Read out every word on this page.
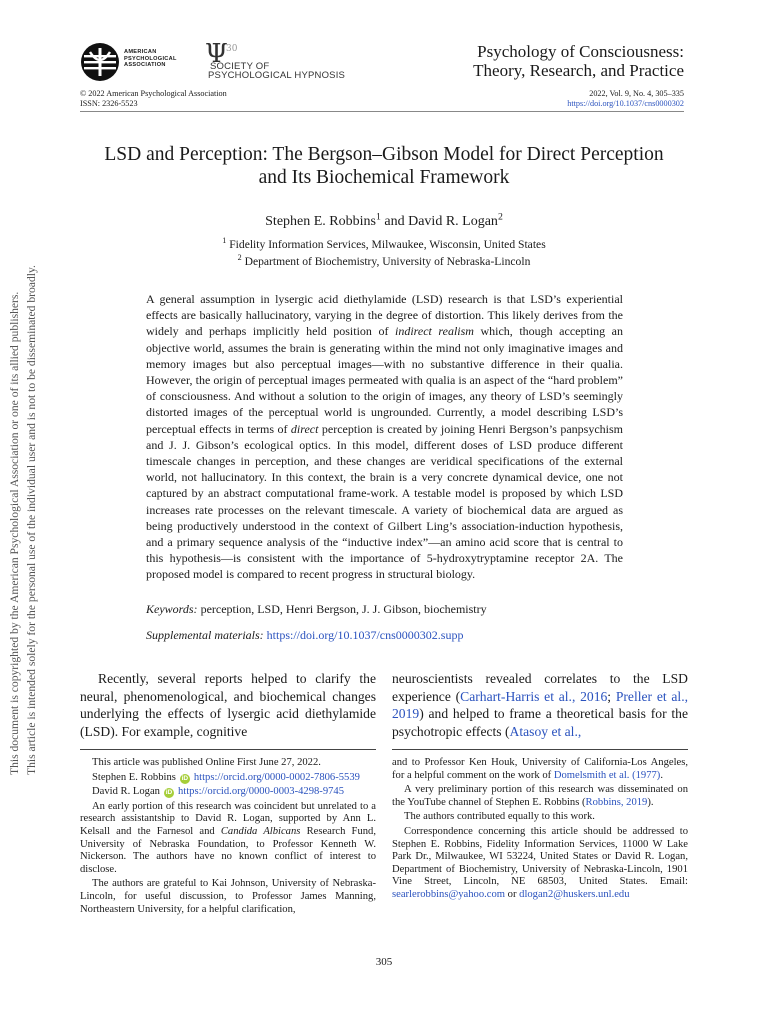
This document is copyrighted by the American Psychological Association or one of its allied publishers. This article is intended solely for the personal use of the individual user and is not to be disseminated broadly.
AMERICAN
PSYCHOLOGICAL
ASSOCIATION	Ψ
30
SOCIETY OF
PSYCHOLOGICAL HYPNOSIS
Psychology of Consciousness:
Theory, Research, and Practice
© 2022 American Psychological Association
ISSN: 2326-5523
2022, Vol. 9, No. 4, 305–335
https://doi.org/10.1037/cns0000302
LSD and Perception: The Bergson–Gibson Model for Direct Perception
and Its Biochemical Framework
Stephen E. Robbins$^1$ and David R. Logan$^2$
$^1$ Fidelity Information Services, Milwaukee, Wisconsin, United States
$^2$ Department of Biochemistry, University of Nebraska-Lincoln
A general assumption in lysergic acid diethylamide (LSD) research is that LSD’s experiential effects are basically hallucinatory, varying in the degree of distortion. This likely derives from the widely and perhaps implicitly held position of indirect realism which, though accepting an objective world, assumes the brain is generating within the mind not only imaginative images and memory images but also perceptual images—with no substantive difference in their qualia. However, the origin of perceptual images permeated with qualia is an aspect of the “hard problem” of consciousness. And without a solution to the origin of images, any theory of LSD’s seemingly distorted images of the perceptual world is ungrounded. Currently, a model describing LSD’s perceptual effects in terms of direct perception is created by joining Henri Bergson’s panpsychism and J. J. Gibson’s ecological optics. In this model, different doses of LSD produce different timescale changes in perception, and these changes are veridical specifications of the external world, not hallucinatory. In this context, the brain is a very concrete dynamical device, one not captured by an abstract computational frame-work. A testable model is proposed by which LSD increases rate processes on the relevant timescale. A variety of biochemical data are argued as being productively understood in the context of Gilbert Ling’s association-induction hypothesis, and a primary sequence analysis of the “inductive index”—an amino acid score that is central to this hypothesis—is consistent with the importance of 5-hydroxytryptamine receptor 2A. The proposed model is compared to recent progress in structural biology.
Keywords: perception, LSD, Henri Bergson, J. J. Gibson, biochemistry
Supplemental materials: https://doi.org/10.1037/cns0000302.supp
Recently, several reports helped to clarify the neural, phenomenological, and biochemical changes underlying the effects of lysergic acid diethylamide (LSD). For example, cognitive
neuroscientists revealed correlates to the LSD experience (Carhart-Harris et al., 2016; Preller et al., 2019) and helped to frame a theoretical basis for the psychotropic effects (Atasoy et al.,

This article was published Online First June 27, 2022.

Stephen E. Robbins iD https://orcid.org/0000-0002-7806-5539

David R. Logan iD https://orcid.org/0000-0003-4298-9745

An early portion of this research was coincident but unrelated to a research assistantship to David R. Logan, supported by Ann L. Kelsall and the Farnesol and Candida Albicans Research Fund, University of Nebraska Foundation, to Professor Kenneth W. Nickerson. The authors have no known conflict of interest to disclose.

The authors are grateful to Kai Johnson, University of Nebraska-Lincoln, for useful discussion, to Professor James Manning, Northeastern University, for a helpful clarification,

and to Professor Ken Houk, University of California-Los Angeles, for a helpful comment on the work of Domelsmith et al. (1977).

A very preliminary portion of this research was disseminated on the YouTube channel of Stephen E. Robbins (Robbins, 2019).

The authors contributed equally to this work.

Correspondence concerning this article should be addressed to Stephen E. Robbins, Fidelity Information Services, 11000 W Lake Park Dr., Milwaukee, WI 53224, United States or David R. Logan, Department of Biochemistry, University of Nebraska-Lincoln, 1901 Vine Street, Lincoln, NE 68503, United States. Email: searlerobbins@yahoo.com or dlogan2@huskers.unl.edu

305
